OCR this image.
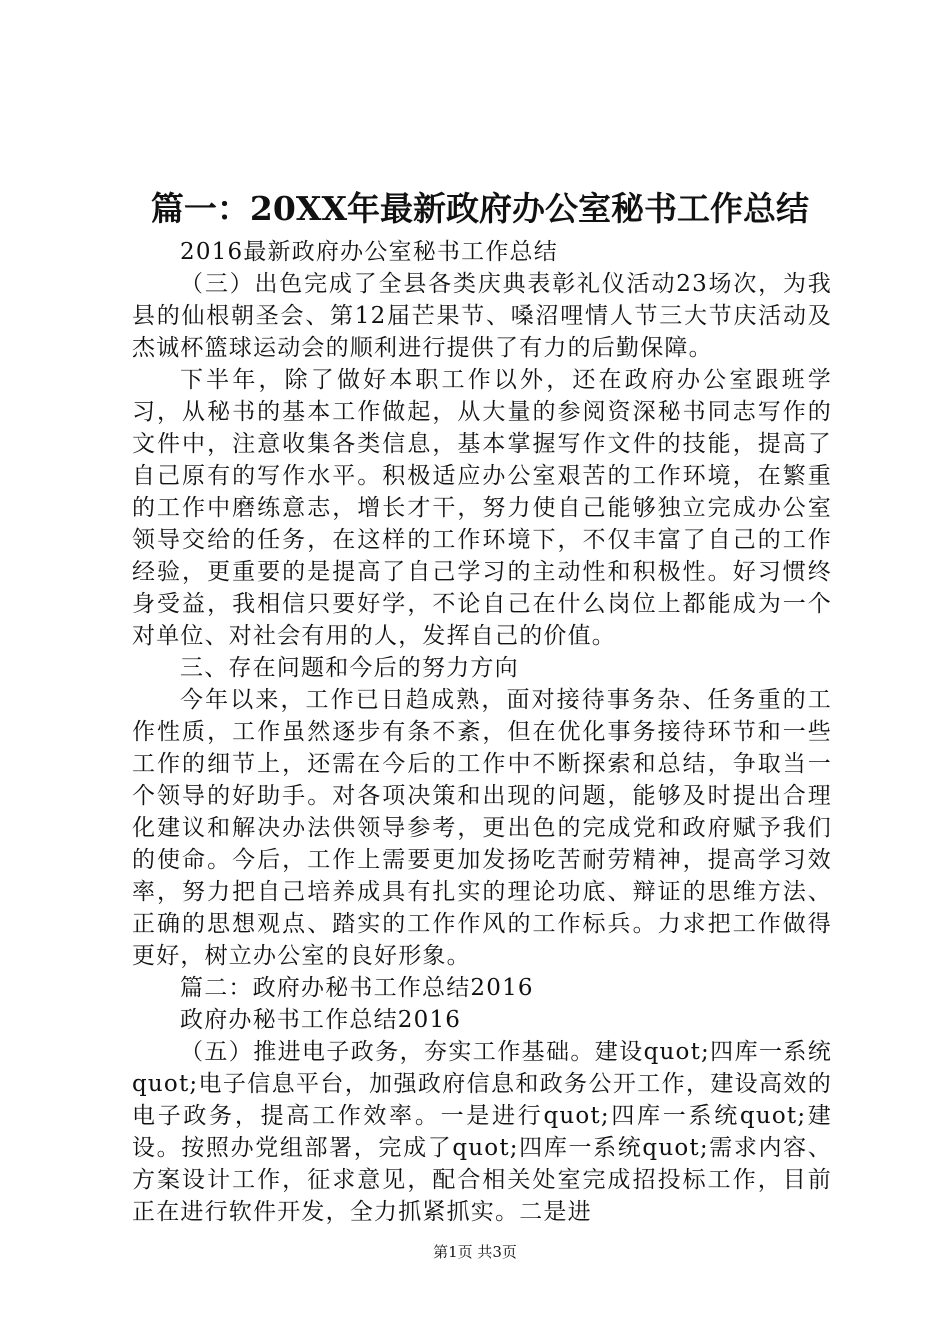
篇一：20XX年最新政府办公室秘书工作总结

2016最新政府办公室秘书工作总结

（三）出色完成了全县各类庆典表彰礼仪活动23场次，为我县的仙根朝圣会、第12届芒果节、嗓沼哩情人节三大节庆活动及杰诚杯篮球运动会的顺利进行提供了有力的后勤保障。

下半年，除了做好本职工作以外，还在政府办公室跟班学习，从秘书的基本工作做起，从大量的参阅资深秘书同志写作的文件中，注意收集各类信息，基本掌握写作文件的技能，提高了自己原有的写作水平。积极适应办公室艰苦的工作环境，在繁重的工作中磨练意志，增长才干，努力使自己能够独立完成办公室领导交给的任务，在这样的工作环境下，不仅丰富了自己的工作经验，更重要的是提高了自己学习的主动性和积极性。好习惯终身受益，我相信只要好学，不论自己在什么岗位上都能成为一个对单位、对社会有用的人，发挥自己的价值。

三、存在问题和今后的努力方向

今年以来，工作已日趋成熟，面对接待事务杂、任务重的工作性质，工作虽然逐步有条不紊，但在优化事务接待环节和一些工作的细节上，还需在今后的工作中不断探索和总结，争取当一个领导的好助手。对各项决策和出现的问题，能够及时提出合理化建议和解决办法供领导参考，更出色的完成党和政府赋予我们的使命。今后，工作上需要更加发扬吃苦耐劳精神，提高学习效率，努力把自己培养成具有扎实的理论功底、辩证的思维方法、正确的思想观点、踏实的工作作风的工作标兵。力求把工作做得更好，树立办公室的良好形象。

篇二：政府办秘书工作总结2016

政府办秘书工作总结2016

（五）推进电子政务，夯实工作基础。建设quot;四库一系统quot;电子信息平台，加强政府信息和政务公开工作，建设高效的电子政务，提高工作效率。一是进行quot;四库一系统quot;建设。按照办党组部署，完成了quot;四库一系统quot;需求内容、方案设计工作，征求意见，配合相关处室完成招投标工作，目前正在进行软件开发，全力抓紧抓实。二是进

第1页 共3页
